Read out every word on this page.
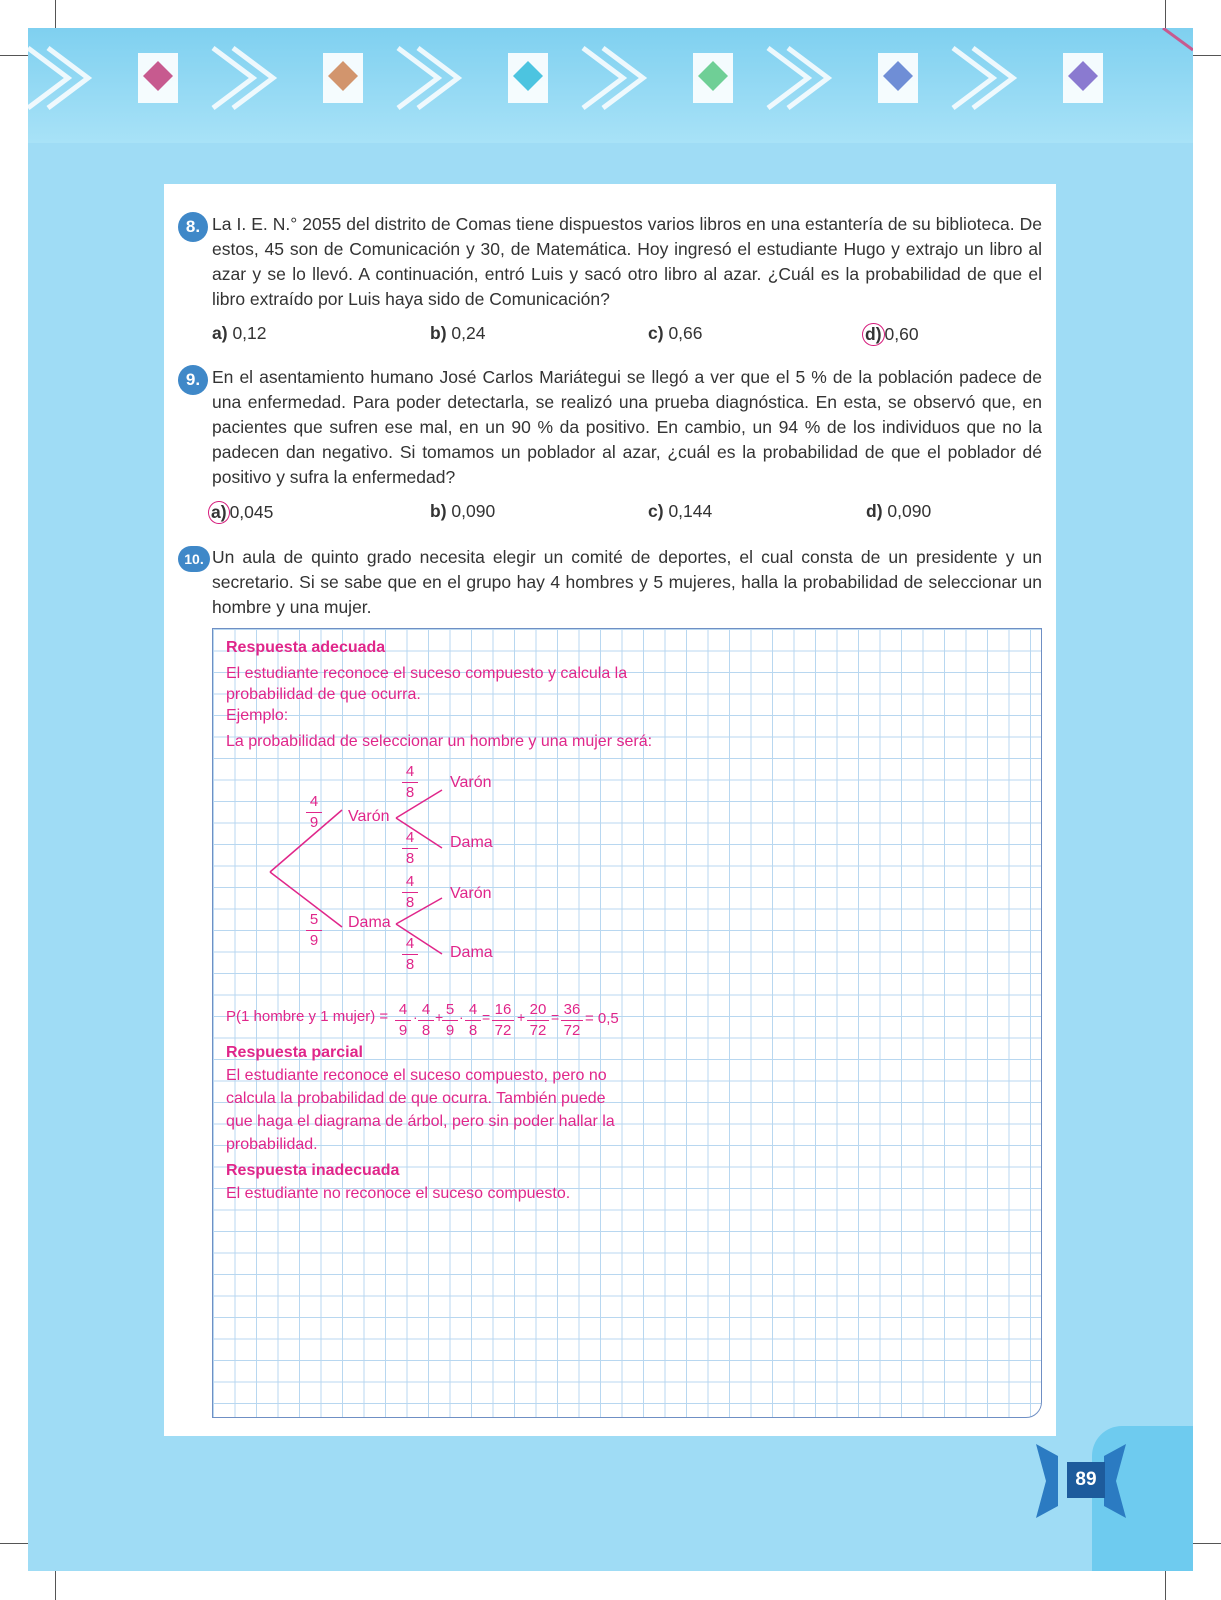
8. La I. E. N.° 2055 del distrito de Comas tiene dispuestos varios libros en una estantería de su biblioteca. De estos, 45 son de Comunicación y 30, de Matemática. Hoy ingresó el estudiante Hugo y extrajo un libro al azar y se lo llevó. A continuación, entró Luis y sacó otro libro al azar. ¿Cuál es la probabilidad de que el libro extraído por Luis haya sido de Comunicación?
a) 0,12	b) 0,24	c) 0,66	d) 0,60
9. En el asentamiento humano José Carlos Mariátegui se llegó a ver que el 5 % de la población padece de una enfermedad. Para poder detectarla, se realizó una prueba diagnóstica. En esta, se observó que, en pacientes que sufren ese mal, en un 90 % da positivo. En cambio, un 94 % de los individuos que no la padecen dan negativo. Si tomamos un poblador al azar, ¿cuál es la probabilidad de que el poblador dé positivo y sufra la enfermedad?
a) 0,045	b) 0,090	c) 0,144	d) 0,090
10. Un aula de quinto grado necesita elegir un comité de deportes, el cual consta de un presidente y un secretario. Si se sabe que en el grupo hay 4 hombres y 5 mujeres, halla la probabilidad de seleccionar un hombre y una mujer.
Respuesta adecuada
El estudiante reconoce el suceso compuesto y calcula la
probabilidad de que ocurra.
Ejemplo:
La probabilidad de seleccionar un hombre y una mujer será:
$\frac{4}{9}$
$\frac{5}{9}$
Varón
Dama
$\frac{4}{8}$
$\frac{4}{8}$
$\frac{4}{8}$
$\frac{4}{8}$
Varón
Dama
Varón
Dama
P(1 hombre y 1 mujer) = $\frac{4}{9} \cdot \frac{4}{8}$ +
$\frac{5}{9} \cdot \frac{4}{8} = \frac{16}{72} + \frac{20}{72} = \frac{36}{72} = 0,5$
Respuesta parcial
El estudiante reconoce el suceso compuesto, pero no
calcula la probabilidad de que ocurra. También puede
que haga el diagrama de árbol, pero sin poder hallar la
probabilidad.
Respuesta inadecuada
El estudiante no reconoce el suceso compuesto.
89
